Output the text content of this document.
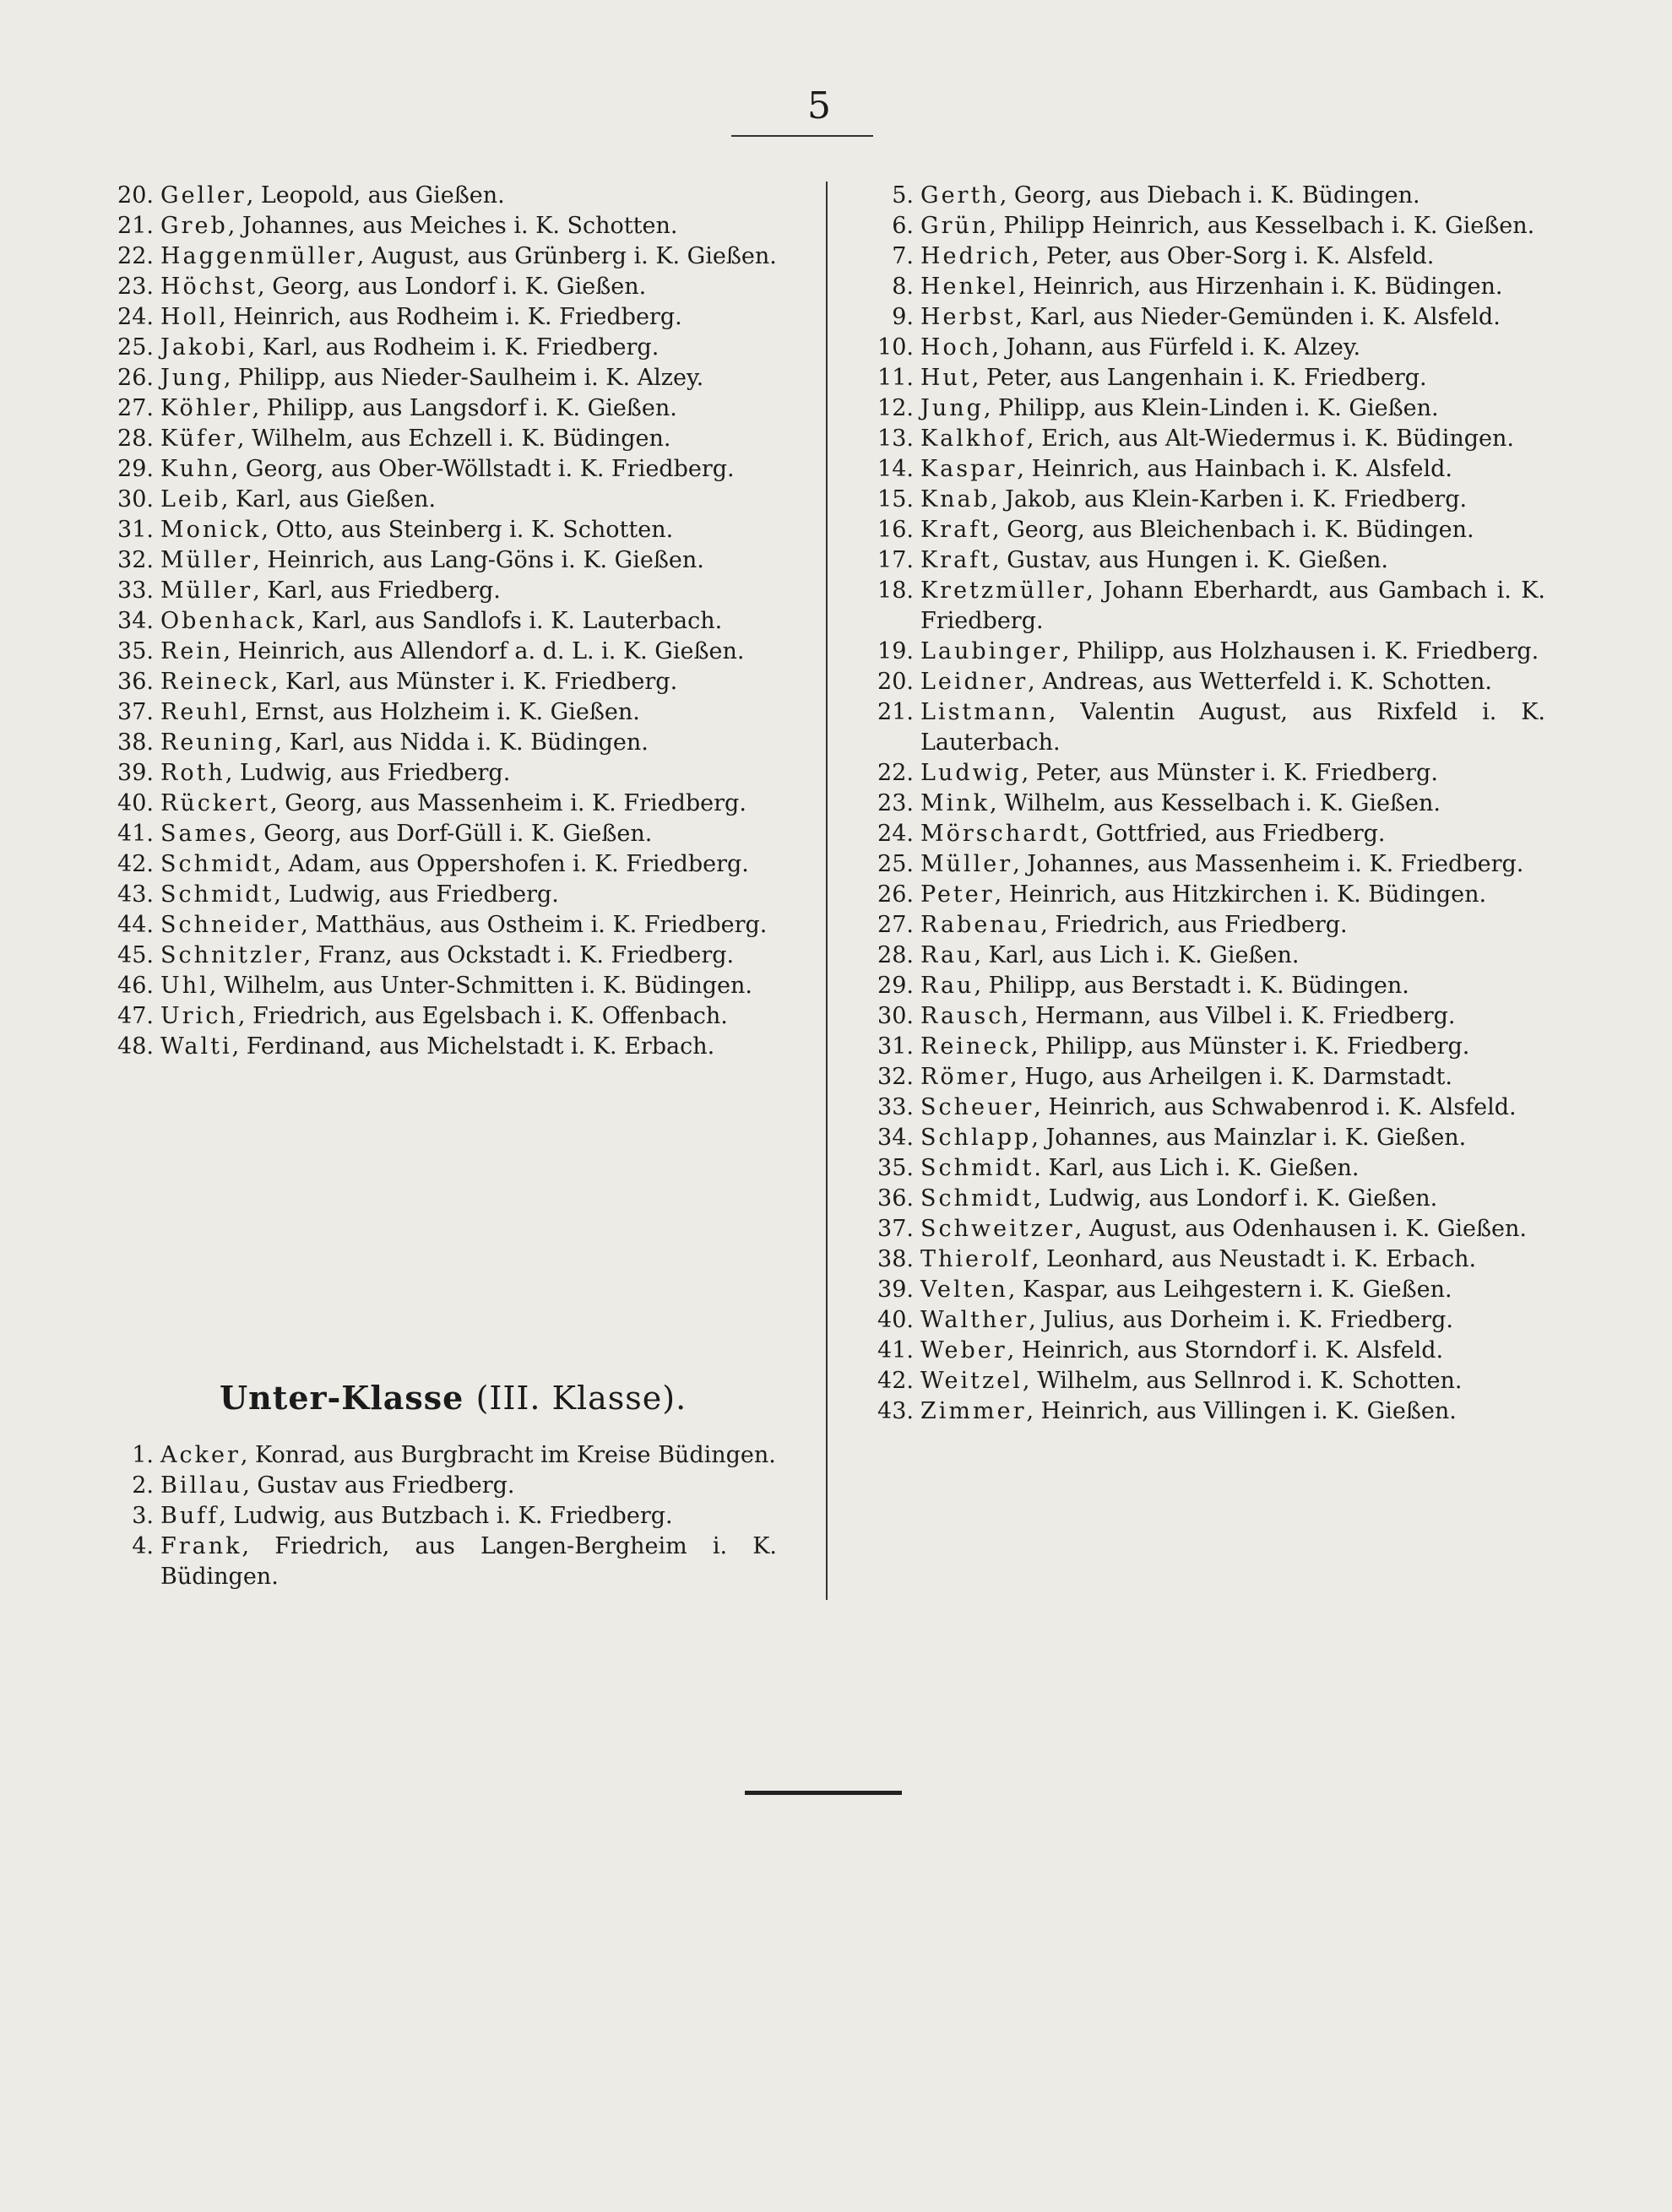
5
20. Geller, Leopold, aus Gießen.
21. Greb, Johannes, aus Meiches i. K. Schotten.
22. Haggenmüller, August, aus Grünberg i. K. Gießen.
23. Höchst, Georg, aus Londorf i. K. Gießen.
24. Holl, Heinrich, aus Rodheim i. K. Friedberg.
25. Jakobi, Karl, aus Rodheim i. K. Friedberg.
26. Jung, Philipp, aus Nieder-Saulheim i. K. Alzey.
27. Köhler, Philipp, aus Langsdorf i. K. Gießen.
28. Küfer, Wilhelm, aus Echzell i. K. Büdingen.
29. Kuhn, Georg, aus Ober-Wöllstadt i. K. Friedberg.
30. Leib, Karl, aus Gießen.
31. Monick, Otto, aus Steinberg i. K. Schotten.
32. Müller, Heinrich, aus Lang-Göns i. K. Gießen.
33. Müller, Karl, aus Friedberg.
34. Obenhack, Karl, aus Sandlofs i. K. Lauterbach.
35. Rein, Heinrich, aus Allendorf a. d. L. i. K. Gießen.
36. Reineck, Karl, aus Münster i. K. Friedberg.
37. Reuhl, Ernst, aus Holzheim i. K. Gießen.
38. Reuning, Karl, aus Nidda i. K. Büdingen.
39. Roth, Ludwig, aus Friedberg.
40. Rückert, Georg, aus Massenheim i. K. Friedberg.
41. Sames, Georg, aus Dorf-Güll i. K. Gießen.
42. Schmidt, Adam, aus Oppershofen i. K. Friedberg.
43. Schmidt, Ludwig, aus Friedberg.
44. Schneider, Matthäus, aus Ostheim i. K. Friedberg.
45. Schnitzler, Franz, aus Ockstadt i. K. Friedberg.
46. Uhl, Wilhelm, aus Unter-Schmitten i. K. Büdingen.
47. Urich, Friedrich, aus Egelsbach i. K. Offenbach.
48. Walti, Ferdinand, aus Michelstadt i. K. Erbach.
Unter-Klasse (III. Klasse).
1. Acker, Konrad, aus Burgbracht im Kreise Büdingen.
2. Billau, Gustav aus Friedberg.
3. Buff, Ludwig, aus Butzbach i. K. Friedberg.
4. Frank, Friedrich, aus Langen-Bergheim i. K. Büdingen.
5. Gerth, Georg, aus Diebach i. K. Büdingen.
6. Grün, Philipp Heinrich, aus Kesselbach i. K. Gießen.
7. Hedrich, Peter, aus Ober-Sorg i. K. Alsfeld.
8. Henkel, Heinrich, aus Hirzenhain i. K. Büdingen.
9. Herbst, Karl, aus Nieder-Gemünden i. K. Alsfeld.
10. Hoch, Johann, aus Fürfeld i. K. Alzey.
11. Hut, Peter, aus Langenhain i. K. Friedberg.
12. Jung, Philipp, aus Klein-Linden i. K. Gießen.
13. Kalkhof, Erich, aus Alt-Wiedermus i. K. Büdingen.
14. Kaspar, Heinrich, aus Hainbach i. K. Alsfeld.
15. Knab, Jakob, aus Klein-Karben i. K. Friedberg.
16. Kraft, Georg, aus Bleichenbach i. K. Büdingen.
17. Kraft, Gustav, aus Hungen i. K. Gießen.
18. Kretzmüller, Johann Eberhardt, aus Gambach i. K. Friedberg.
19. Laubinger, Philipp, aus Holzhausen i. K. Friedberg.
20. Leidner, Andreas, aus Wetterfeld i. K. Schotten.
21. Listmann, Valentin August, aus Rixfeld i. K. Lauterbach.
22. Ludwig, Peter, aus Münster i. K. Friedberg.
23. Mink, Wilhelm, aus Kesselbach i. K. Gießen.
24. Mörschardt, Gottfried, aus Friedberg.
25. Müller, Johannes, aus Massenheim i. K. Friedberg.
26. Peter, Heinrich, aus Hitzkirchen i. K. Büdingen.
27. Rabenau, Friedrich, aus Friedberg.
28. Rau, Karl, aus Lich i. K. Gießen.
29. Rau, Philipp, aus Berstadt i. K. Büdingen.
30. Rausch, Hermann, aus Vilbel i. K. Friedberg.
31. Reineck, Philipp, aus Münster i. K. Friedberg.
32. Römer, Hugo, aus Arheilgen i. K. Darmstadt.
33. Scheuer, Heinrich, aus Schwabenrod i. K. Alsfeld.
34. Schlapp, Johannes, aus Mainzlar i. K. Gießen.
35. Schmidt. Karl, aus Lich i. K. Gießen.
36. Schmidt, Ludwig, aus Londorf i. K. Gießen.
37. Schweitzer, August, aus Odenhausen i. K. Gießen.
38. Thierolf, Leonhard, aus Neustadt i. K. Erbach.
39. Velten, Kaspar, aus Leihgestern i. K. Gießen.
40. Walther, Julius, aus Dorheim i. K. Friedberg.
41. Weber, Heinrich, aus Storndorf i. K. Alsfeld.
42. Weitzel, Wilhelm, aus Sellnrod i. K. Schotten.
43. Zimmer, Heinrich, aus Villingen i. K. Gießen.
